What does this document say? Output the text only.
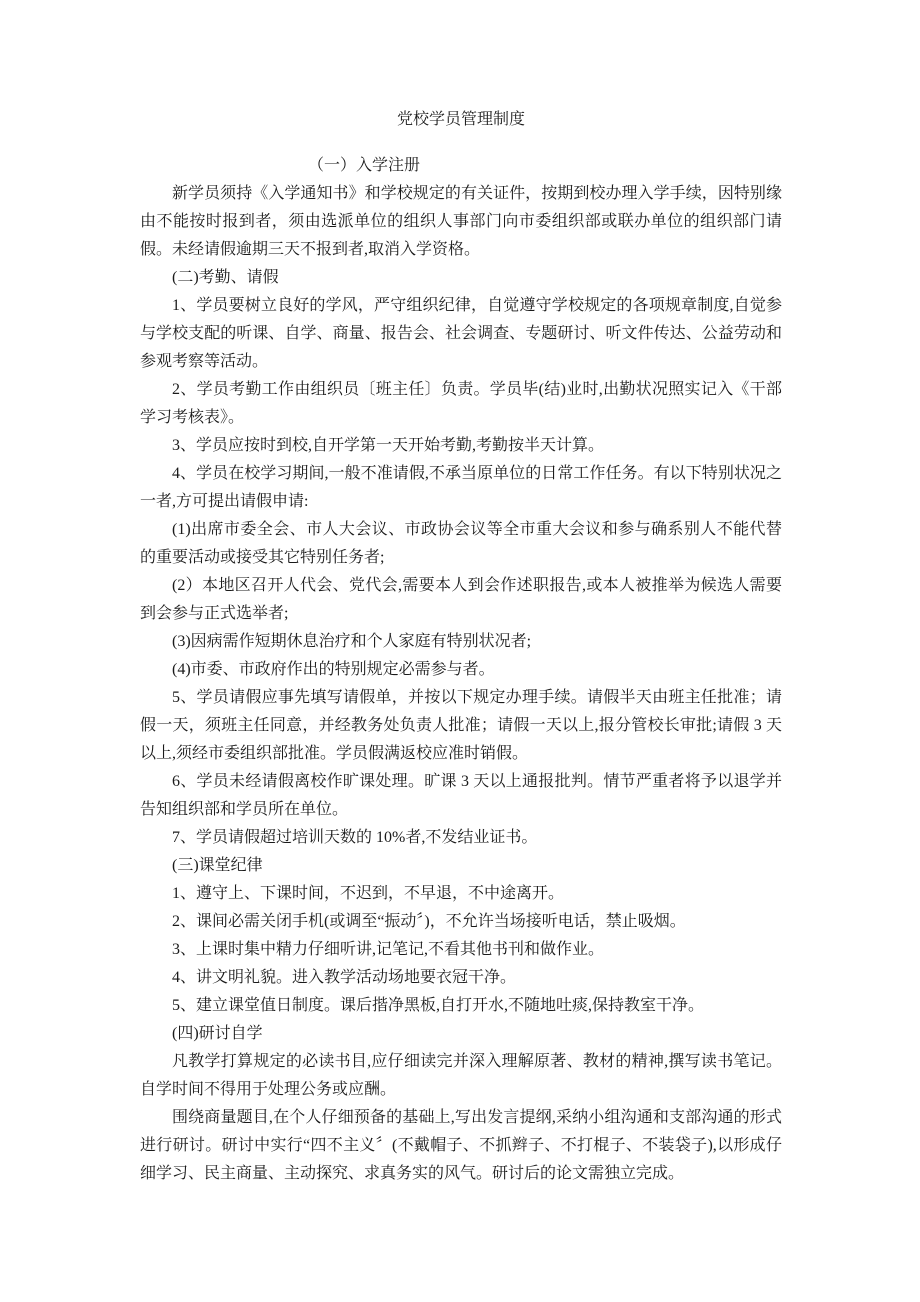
党校学员管理制度

（一）入学注册

新学员须持《入学通知书》和学校规定的有关证件，按期到校办理入学手续，因特别缘由不能按时报到者，须由选派单位的组织人事部门向市委组织部或联办单位的组织部门请假。未经请假逾期三天不报到者,取消入学资格。

(二)考勤、请假

1、学员要树立良好的学风，严守组织纪律，自觉遵守学校规定的各项规章制度,自觉参与学校支配的听课、自学、商量、报告会、社会调查、专题研讨、听文件传达、公益劳动和参观考察等活动。

2、学员考勤工作由组织员〔班主任〕负责。学员毕(结)业时,出勤状况照实记入《干部学习考核表》。

3、学员应按时到校,自开学第一天开始考勤,考勤按半天计算。

4、学员在校学习期间,一般不准请假,不承当原单位的日常工作任务。有以下特别状况之一者,方可提出请假申请:

(1)出席市委全会、市人大会议、市政协会议等全市重大会议和参与确系别人不能代替的重要活动或接受其它特别任务者;

(2）本地区召开人代会、党代会,需要本人到会作述职报告,或本人被推举为候选人需要到会参与正式选举者;

(3)因病需作短期休息治疗和个人家庭有特别状况者;

(4)市委、市政府作出的特别规定必需参与者。

5、学员请假应事先填写请假单，并按以下规定办理手续。请假半天由班主任批准；请假一天，须班主任同意，并经教务处负责人批准；请假一天以上,报分管校长审批;请假 3 天以上,须经市委组织部批准。学员假满返校应准时销假。

6、学员未经请假离校作旷课处理。旷课 3 天以上通报批判。情节严重者将予以退学并告知组织部和学员所在单位。

7、学员请假超过培训天数的 10%者,不发结业证书。

(三)课堂纪律

1、遵守上、下课时间，不迟到，不早退，不中途离开。

2、课间必需关闭手机(或调至“振动〞)，不允许当场接听电话，禁止吸烟。

3、上课时集中精力仔细听讲,记笔记,不看其他书刊和做作业。

4、讲文明礼貌。进入教学活动场地要衣冠干净。

5、建立课堂值日制度。课后揩净黑板,自打开水,不随地吐痰,保持教室干净。

(四)研讨自学

凡教学打算规定的必读书目,应仔细读完并深入理解原著、教材的精神,撰写读书笔记。自学时间不得用于处理公务或应酬。

围绕商量题目,在个人仔细预备的基础上,写出发言提纲,采纳小组沟通和支部沟通的形式进行研讨。研讨中实行“四不主义〞(不戴帽子、不抓辫子、不打棍子、不装袋子),以形成仔细学习、民主商量、主动探究、求真务实的风气。研讨后的论文需独立完成。
